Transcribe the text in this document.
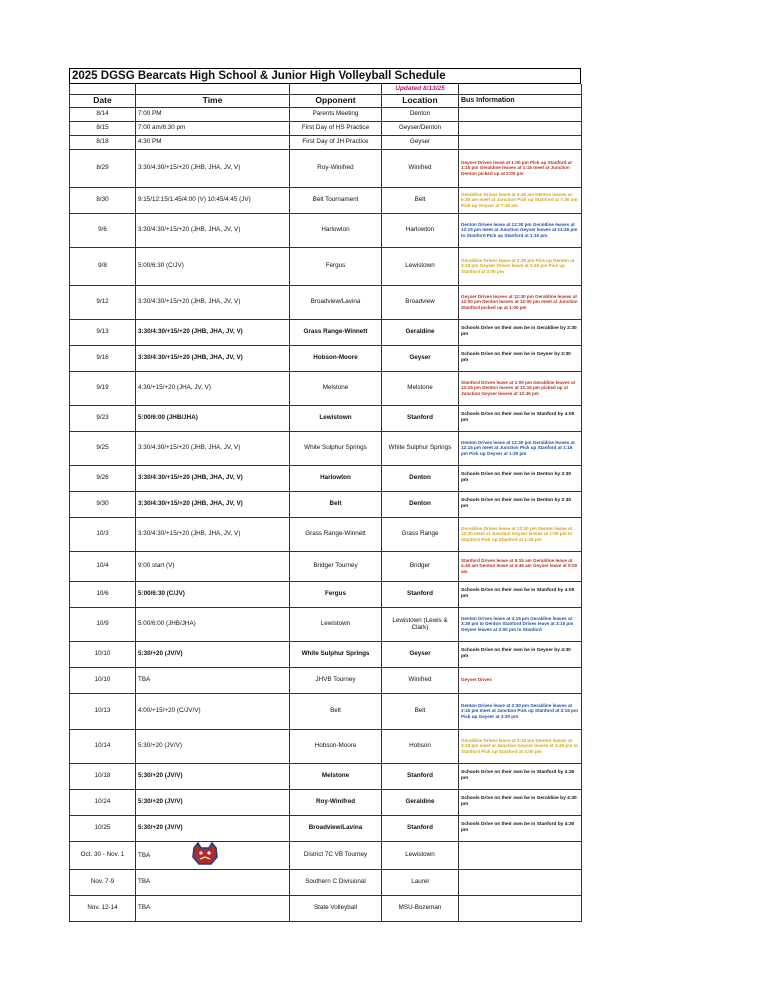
2025 DGSG Bearcats High School & Junior High Volleyball Schedule
			Updated 8/13/25	
Date	Time	Opponent	Location	Bus Information
8/14	7:00 PM	Parents Meeting	Denton	
8/15	7:00 am/6:30 pm	First Day of HS Practice	Geyser/Denton	
8/18	4:30 PM	First Day of JH Practice	Geyser	
8/29	3:30/4:30/+15/+20 (JHB, JHA, JV, V)	Roy-Winifred	Winifred	Geyser Drives leave at 1:00 pm Pick up Stanford at 1:15 pm Geraldine leaves at 1:15 meet at Junction Denton picked up at 2:00 pm
8/30	9:15/12:15/1:45/4:00 (V) 10:45/4:45 (JV)	Belt Tournament	Belt	Geraldine Drives leave at 6:45 am Denton leaves at 6:30 am meet at Junction Pick up Stanford at 7:30 am Pick up Geyser at 7:45 am
9/6	3:30/4:30/+15/+20 (JHB, JHA, JV, V)	Harlowton	Harlowton	Denton Drives leave at 12:30 pm Geraldine leaves at 12:15 pm meet at Junction Geyser leaves at 12:45 pm to Stanford Pick up Stanford at 1:15 pm
9/8	5:00/6:30 (C/JV)	Fergus	Lewistown	Geraldine Drives leave at 2:30 pm Pick up Denton at 3:15 pm Geyser Drives leave at 2:45 pm Pick up Stanford at 3:00 pm
9/12	3:30/4:30/+15/+20 (JHB, JHA, JV, V)	Broadview/Lavina	Broadview	Geyser Drives leaves at 12:30 pm Geraldine leaves at 12:00 pm Denton leaves at 12:00 pm meet at Junction Stanford picked up at 1:00 pm
9/13	3:30/4:30/+15/+20 (JHB, JHA, JV, V)	Grass Range-Winnett	Geraldine	Schools Drive on their own be in Geraldine by 2:30 pm
9/16	3:30/4:30/+15/+20 (JHB, JHA, JV, V)	Hobson-Moore	Geyser	Schools Drive on their own be in Geyser by 2:30 pm
9/19	4:30/+15/+20 (JHA, JV, V)	Melstone	Melstone	Stanford Drives leave at 1:00 pm Geraldine leaves at 12:15 pm Denton leaves at 12:15 pm picked up at Junction Geyser leaves at 12:45 pm
9/23	5:00/6:00 (JHB/JHA)	Lewistown	Stanford	Schools Drive on their own be in Stanford by 4:00 pm
9/25	3:30/4:30/+15/+20 (JHB, JHA, JV, V)	White Sulphur Springs	White Sulphur Springs	Denton Drives leave at 12:30 pm Geraldine leaves at 12:15 pm meet at Junction Pick up Stanford at 1:15 pm Pick up Geyser at 1:30 pm
9/26	3:30/4:30/+15/+20 (JHB, JHA, JV, V)	Harlowton	Denton	Schools Drive on their own be in Denton by 2:30 pm
9/30	3:30/4:30/+15/+20 (JHB, JHA, JV, V)	Belt	Denton	Schools Drive on their own be in Denton by 2:30 pm
10/3	3:30/4:30/+15/+20 (JHB, JHA, JV, V)	Grass Range-Winnett	Grass Range	Geraldine Drives leave at 12:30 pm Denton leave at 12:30 meet at Junction Geyser leaves at 1:00 pm to Stanford Pick up Stanford at 1:15 pm
10/4	9:00 start (V)	Bridger Tourney	Bridger	Stanford Drives leave at 5:15 am Geraldine leave at 4:45 am Denton leave at 4:45 am Geyser leave at 5:00 am
10/6	5:00/6:30 (C/JV)	Fergus	Stanford	Schools Drive on their own be in Stanford by 4:00 pm
10/9	5:00/6:00 (JHB/JHA)	Lewistown	Lewistown (Lewis & Clark)	Denton Drives leave at 4:15 pm Geraldine leaves at 3:30 pm to Denton Stanford Drives leave at 3:15 pm Geyser leaves at 3:00 pm to Stanford
10/10	5:30/+20 (JV/V)	White Sulphur Springs	Geyser	Schools Drive on their own be in Geyser by 4:30 pm
10/10	TBA	JHVB Tourney	Winifred	Geyser Drives
10/13	4:00/+15/+20 (C/JV/V)	Belt	Belt	Denton Drives leave at 2:30 pm Geraldine leaves at 2:15 pm meet at Junction Pick up Stanford at 3:15 pm Pick up Geyser at 3:30 pm
10/14	5:30/+20 (JV/V)	Hobson-Moore	Hobson	Geraldine Drives leave at 3:15 pm Denton leaves at 3:15 pm meet at Junction Geyser leaves at 3:45 pm to Stanford Pick up Stanford at 4:00 pm
10/18	5:30/+20 (JV/V)	Melstone	Stanford	Schools Drive on their own be in Stanford by 4:30 pm
10/24	5:30/+20 (JV/V)	Roy-Winifred	Geraldine	Schools Drive on their own be in Geraldine by 4:30 pm
10/25	5:30/+20 (JV/V)	Broadview/Lavina	Stanford	Schools Drive on their own be in Stanford by 4:30 pm
Oct. 30 - Nov. 1	TBA	District 7C VB Tourney	Lewistown	
Nov. 7-9	TBA	Southern C Divisional	Laurel	
Nov. 12-14	TBA	State Volleyball	MSU-Bozeman	
